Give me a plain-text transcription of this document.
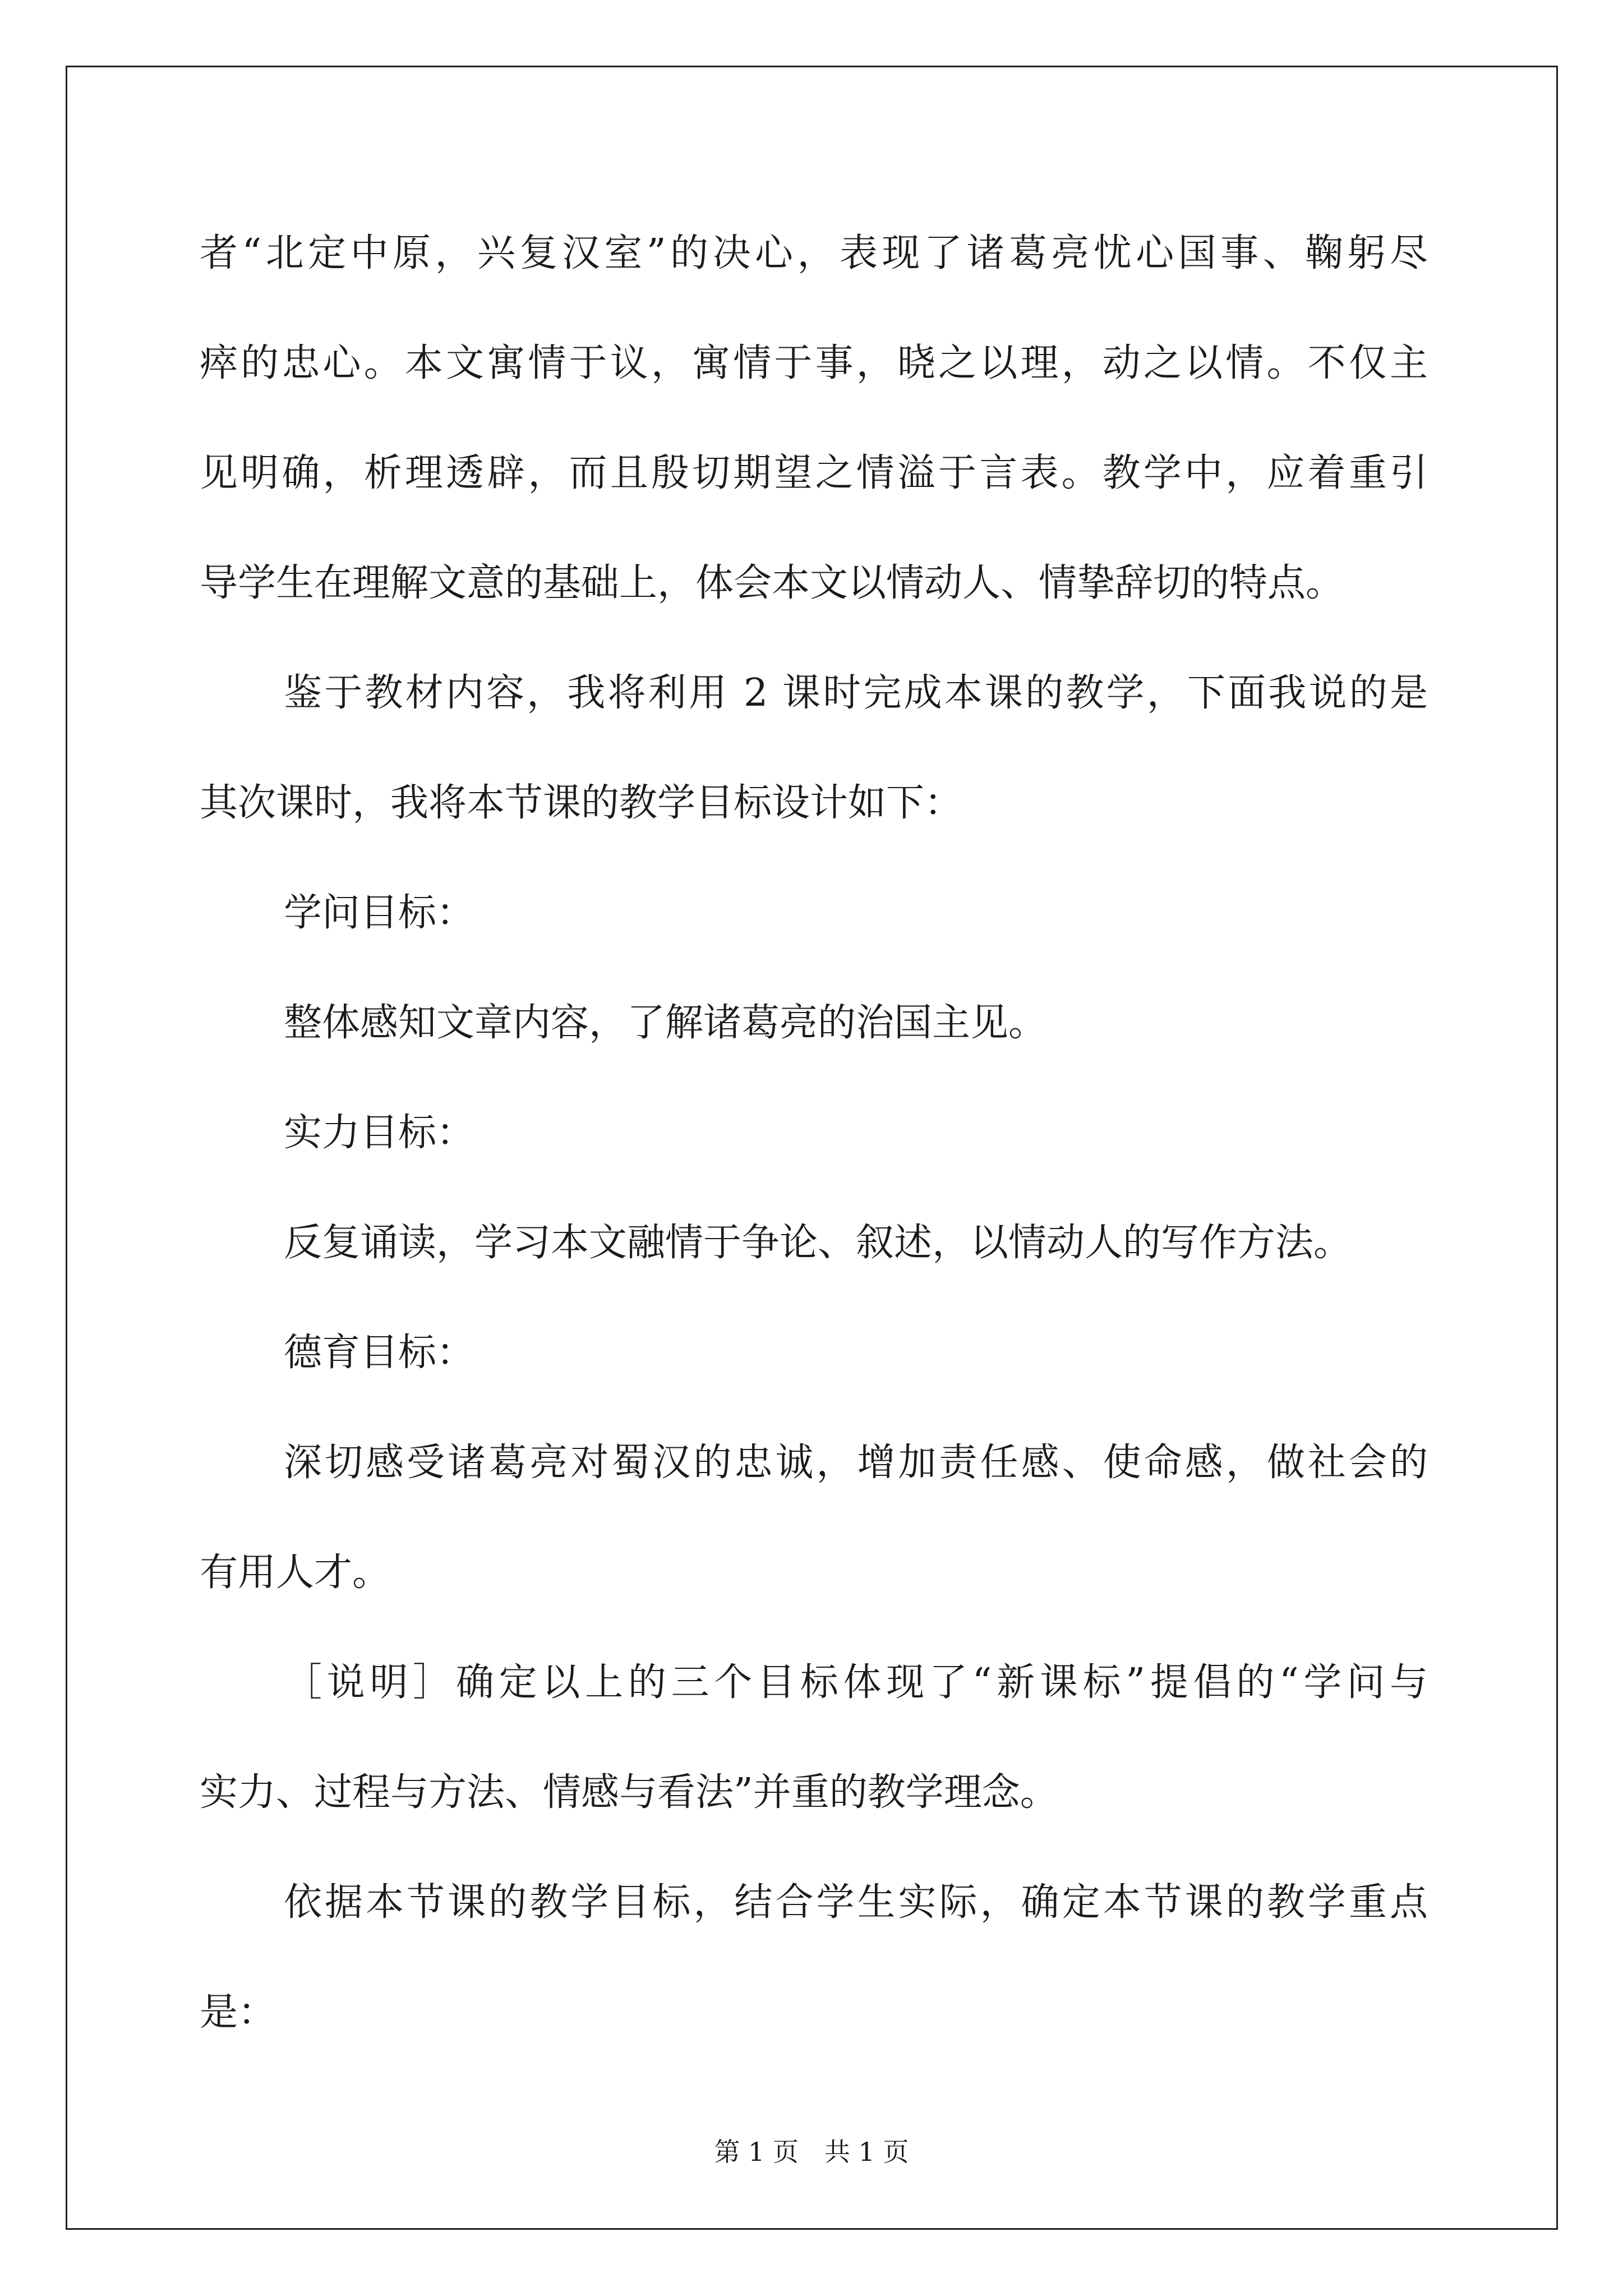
者“北定中原，兴复汉室”的决心，表现了诸葛亮忧心国事、鞠躬尽
瘁的忠心。本文寓情于议，寓情于事，晓之以理，动之以情。不仅主
见明确，析理透辟，而且殷切期望之情溢于言表。教学中，应着重引
导学生在理解文意的基础上，体会本文以情动人、情挚辞切的特点。
鉴于教材内容，我将利用 2 课时完成本课的教学，下面我说的是
其次课时，我将本节课的教学目标设计如下：
学问目标：
整体感知文章内容，了解诸葛亮的治国主见。
实力目标：
反复诵读，学习本文融情于争论、叙述，以情动人的写作方法。
德育目标：
深切感受诸葛亮对蜀汉的忠诚，增加责任感、使命感，做社会的
有用人才。
［说明］确定以上的三个目标体现了“新课标”提倡的“学问与
实力、过程与方法、情感与看法”并重的教学理念。
依据本节课的教学目标，结合学生实际，确定本节课的教学重点
是：
第 1 页　共 1 页
